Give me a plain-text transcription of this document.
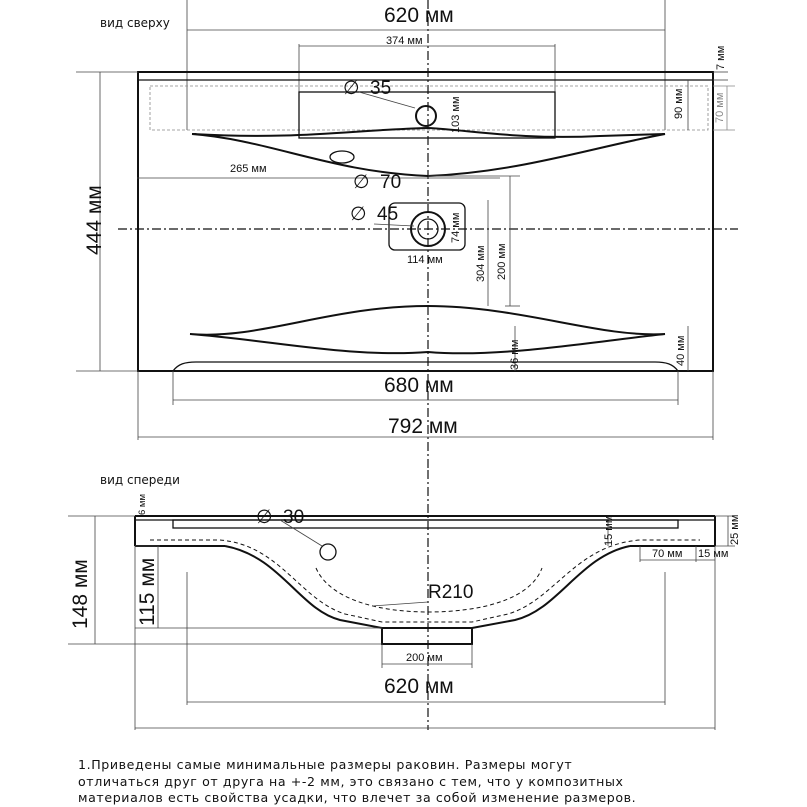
вид сверху	620 мм
374 мм
∅ 35
103 мм	90 мм	70 мм
7 мм
265 мм
∅ 70
∅ 45	74 мм
114 мм	200 мм
304 мм
36 мм	40 мм
444 мм
680 мм
792 мм
вид спереди
∅ 30
R210
6 мм
15 мм	25 мм
70 мм 15 мм
148 мм 115 мм
200 мм
620 мм

1.Приведены самые минимальные размеры раковин. Размеры могут

отличаться друг от друга на +-2 мм, это связано с тем, что у композитных

материалов есть свойства усадки, что влечет за собой изменение размеров.
